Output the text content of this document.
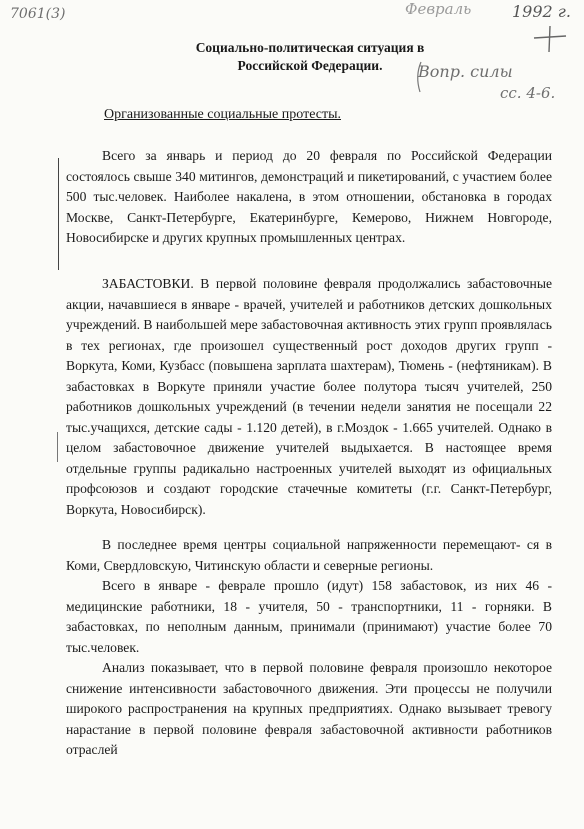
7061(3)	Февраль	1992 г.
Вопр. силы
сс. 4-6.
Социально-политическая ситуация в
Российской Федерации.
Организованные социальные протесты.
Всего за январь и период до 20 февраля по Российской Федерации состоялось свыше 340 митингов, демонстраций и пикетирований, с участием более 500 тыс.человек. Наиболее накалена, в этом отношении, обстановка в городах Москве, Санкт-Петербурге, Екатеринбурге, Кемерово, Нижнем Новгороде, Новосибирске и других крупных промышленных центрах.
ЗАБАСТОВКИ. В первой половине февраля продолжались забастовочные акции, начавшиеся в январе - врачей, учителей и работников детских дошкольных учреждений. В наибольшей мере забастовочная активность этих групп проявлялась в тех регионах, где произошел существенный рост доходов других групп - Воркута, Коми, Кузбасс (повышена зарплата шахтерам), Тюмень - (нефтяникам). В забастовках в Воркуте приняли участие более полутора тысяч учителей, 250 работников дошкольных учреждений (в течении недели занятия не посещали 22 тыс.учащихся, детские сады - 1.120 детей), в г.Моздок - 1.665 учителей. Однако в целом забастовочное движение учителей выдыхается. В настоящее время отдельные группы радикально настроенных учителей выходят из официальных профсоюзов и создают городские стачечные комитеты (г.г. Санкт-Петербург, Воркута, Новосибирск).
В последнее время центры социальной напряженности перемещают- ся в Коми, Свердловскую, Читинскую области и северные регионы.
Всего в январе - феврале прошло (идут) 158 забастовок, из них 46 - медицинские работники, 18 - учителя, 50 - транспортники, 11 - горняки. В забастовках, по неполным данным, принимали (принимают) участие более 70 тыс.человек.
Анализ показывает, что в первой половине февраля произошло некоторое снижение интенсивности забастовочного движения. Эти процессы не получили широкого распространения на крупных предприятиях. Однако вызывает тревогу нарастание в первой половине февраля забастовочной активности работников отраслей
